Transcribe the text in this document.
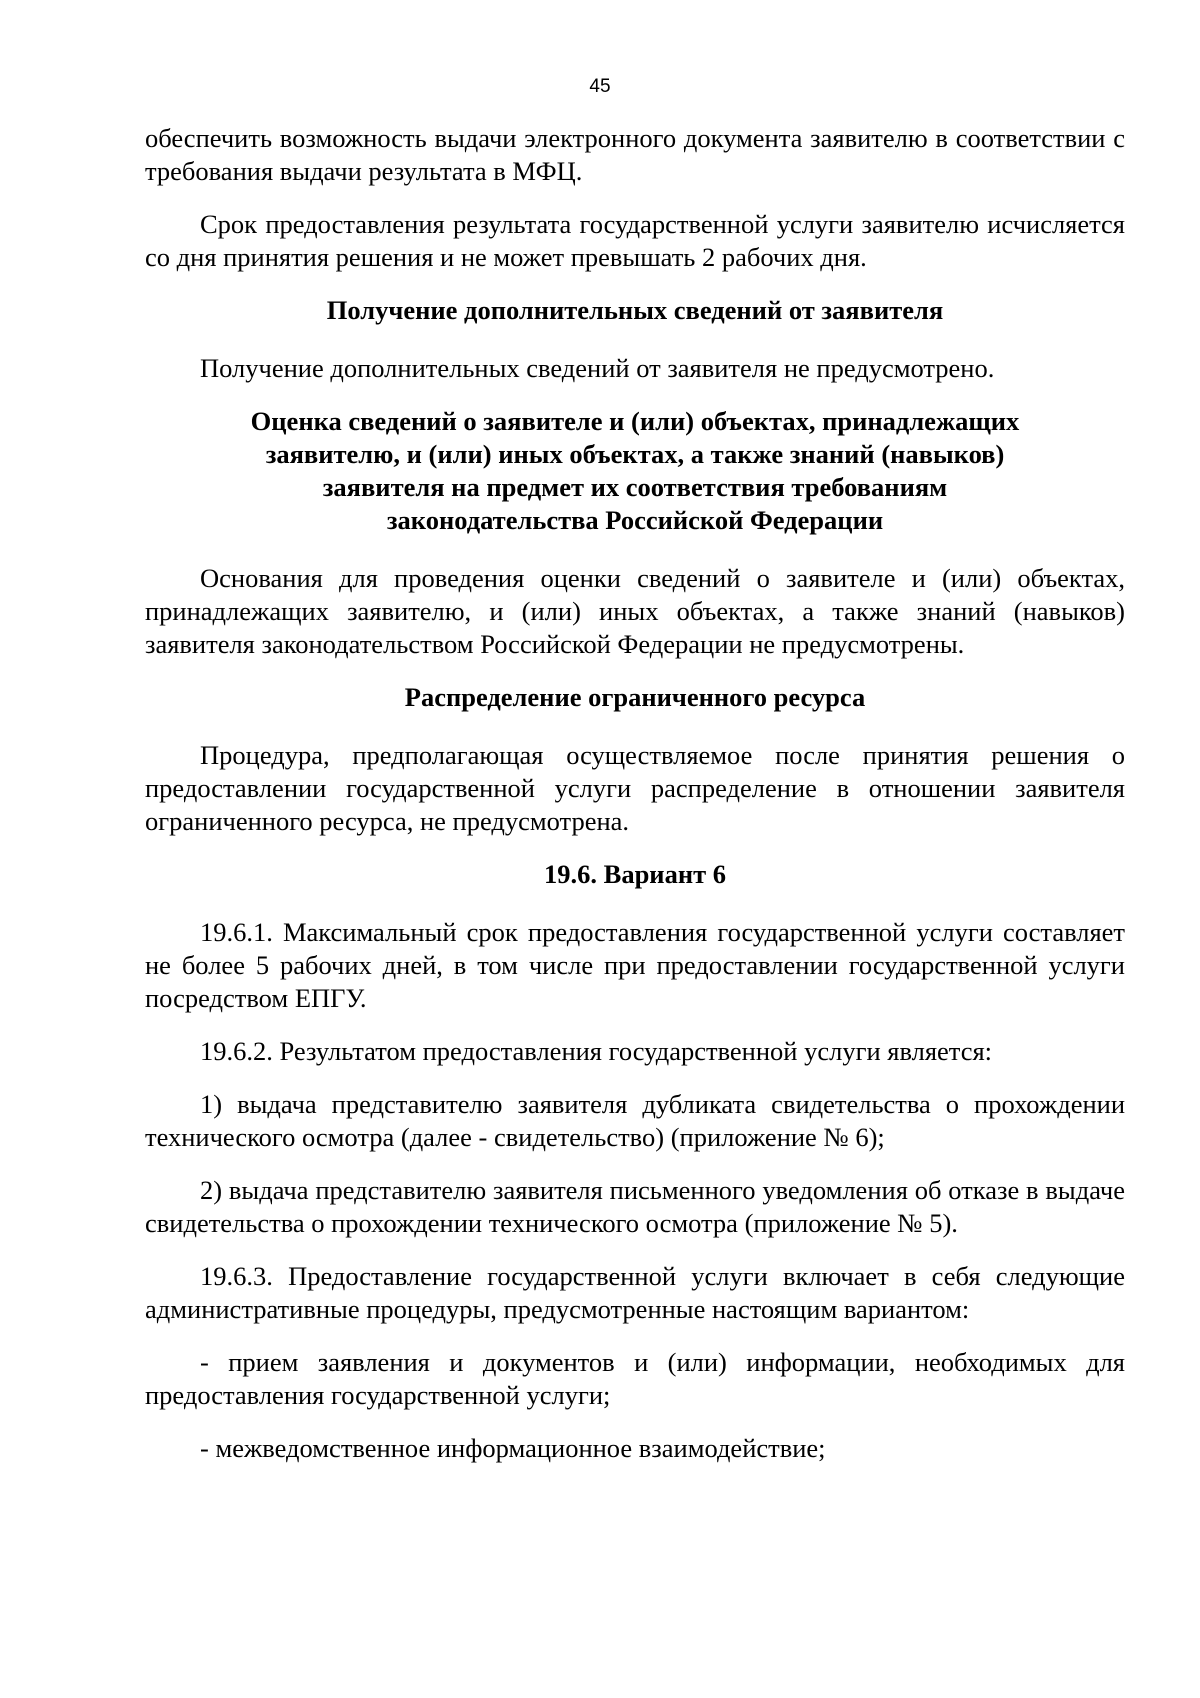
45

обеспечить возможность выдачи электронного документа заявителю в соответствии с требования выдачи результата в МФЦ.

Срок предоставления результата государственной услуги заявителю исчисляется со дня принятия решения и не может превышать 2 рабочих дня.

Получение дополнительных сведений от заявителя

Получение дополнительных сведений от заявителя не предусмотрено.

Оценка сведений о заявителе и (или) объектах, принадлежащих
заявителю, и (или) иных объектах, а также знаний (навыков)
заявителя на предмет их соответствия требованиям
законодательства Российской Федерации

Основания для проведения оценки сведений о заявителе и (или) объектах, принадлежащих заявителю, и (или) иных объектах, а также знаний (навыков) заявителя законодательством Российской Федерации не предусмотрены.

Распределение ограниченного ресурса

Процедура, предполагающая осуществляемое после принятия решения о предоставлении государственной услуги распределение в отношении заявителя ограниченного ресурса, не предусмотрена.

19.6. Вариант 6

19.6.1. Максимальный срок предоставления государственной услуги составляет не более 5 рабочих дней, в том числе при предоставлении государственной услуги посредством ЕПГУ.

19.6.2. Результатом предоставления государственной услуги является:

1) выдача представителю заявителя дубликата свидетельства о прохождении технического осмотра (далее - свидетельство) (приложение № 6);

2) выдача представителю заявителя письменного уведомления об отказе в выдаче свидетельства о прохождении технического осмотра (приложение № 5).

19.6.3. Предоставление государственной услуги включает в себя следующие административные процедуры, предусмотренные настоящим вариантом:

- прием заявления и документов и (или) информации, необходимых для предоставления государственной услуги;

- межведомственное информационное взаимодействие;
